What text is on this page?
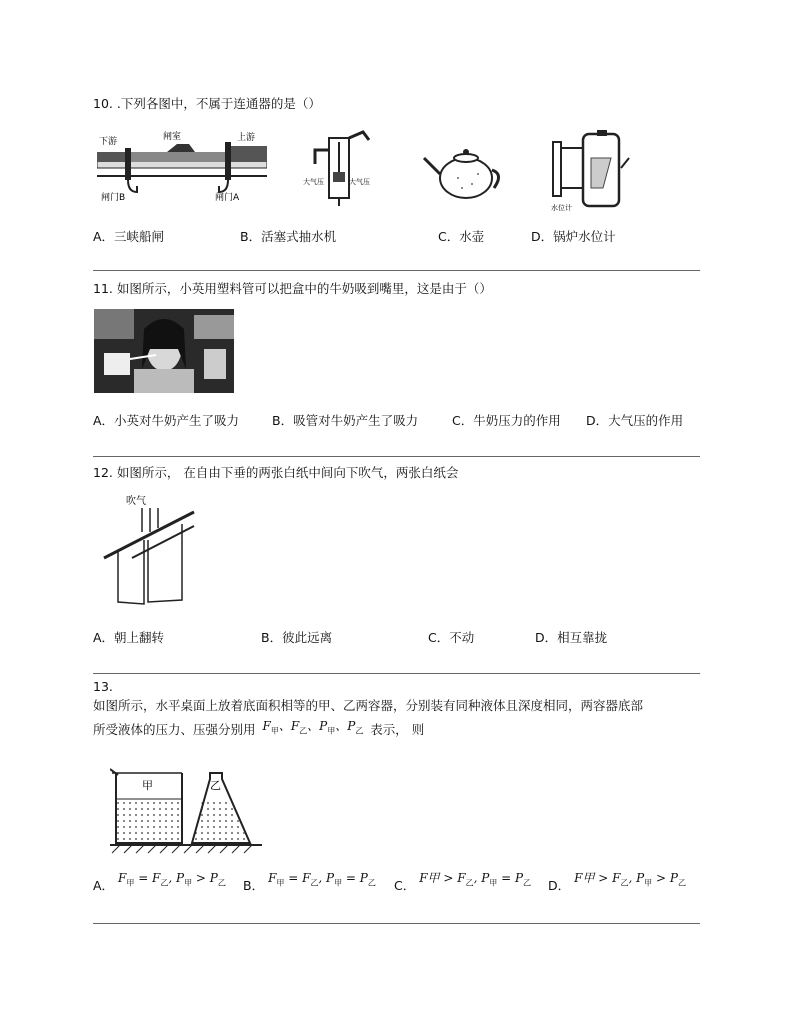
10. .下列各图中，不属于连通器的是（）
下游	闸室	上游
闸门B	闸门A
大气压	大气压
水位计
A．三峡船闸	B．活塞式抽水机	C．水壶	D．锅炉水位计
11. 如图所示，小英用塑料管可以把盒中的牛奶吸到嘴里，这是由于（）
A．小英对牛奶产生了吸力	B．吸管对牛奶产生了吸力	C．牛奶压力的作用 D．大气压的作用
12. 如图所示， 在自由下垂的两张白纸中间向下吹气，两张白纸会
吹气
A．朝上翻转	B．彼此远离	C．不动	D．相互靠拢
13.
如图所示，水平桌面上放着底面积相等的甲、乙两容器，分别装有同种液体且深度相同，两容器底部
所受液体的压力、压强分别用 $F_甲$、$F_乙$、$P_甲$、$P_乙$ 表示， 则
甲	乙
A． $F_甲 = F_乙$, $P_甲 > P_乙$ B． $F_甲 = F_乙$, $P_甲 = P_乙$ C． F甲 > $F_乙$, $P_甲 = P_乙$ D． F甲 > $F_乙$, $P_甲 > P_乙$
